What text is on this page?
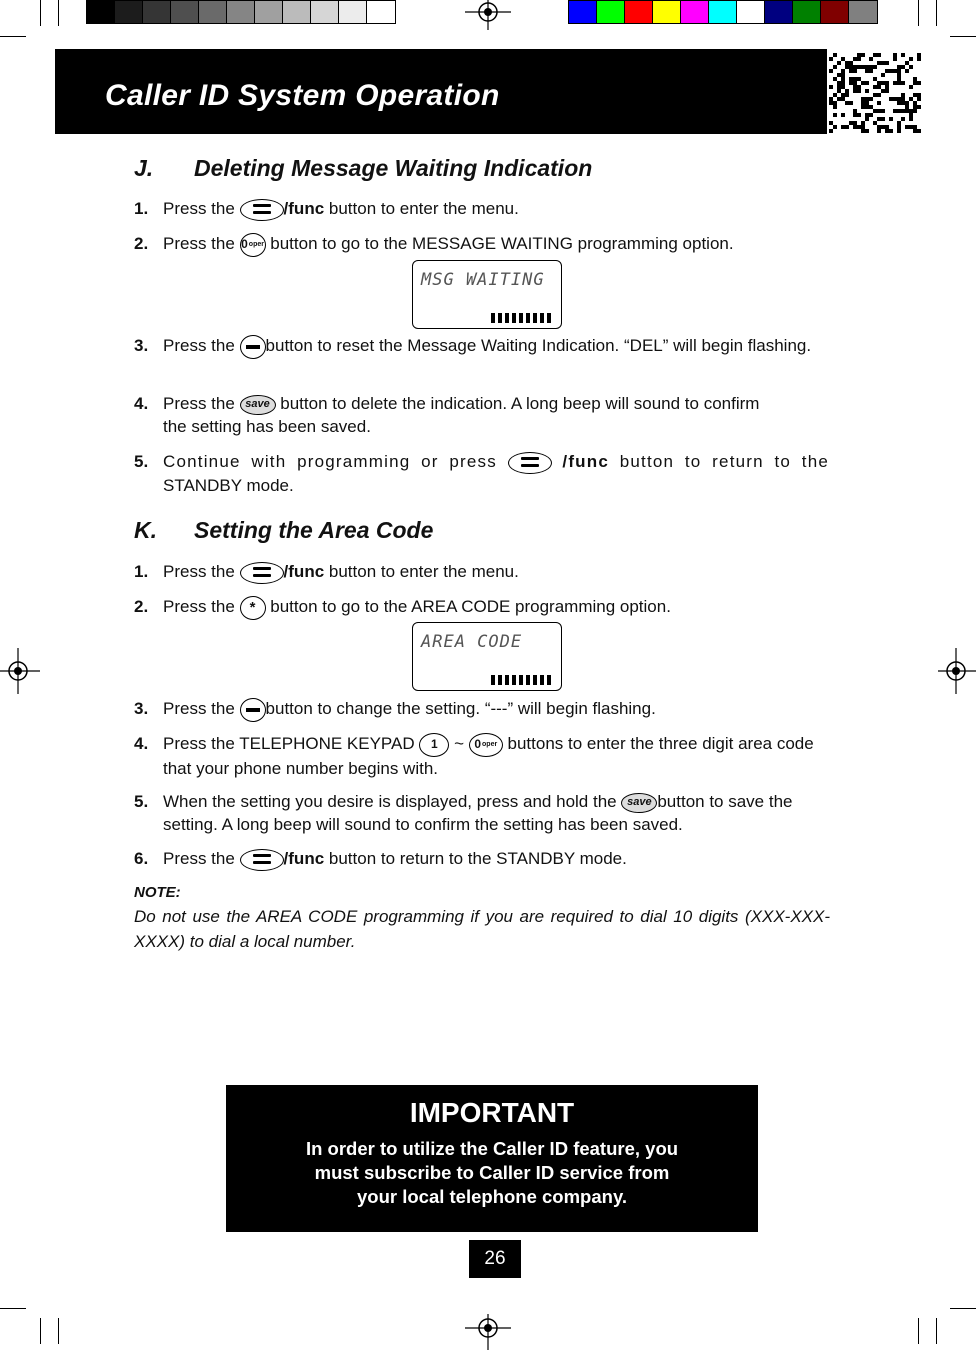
Caller ID System Operation
J. Deleting Message Waiting Indication
1. Press the	/func button to enter the menu.
2. Press the 0 oper button to go to the MESSAGE WAITING programming option.
MSG WAITING
3. Press the button to reset the Message Waiting Indication. “DEL” will begin flashing.
4. Press the save button to delete the indication. A long beep will sound to confirm the setting has been saved.
5. Continue with programming or press	/func button to return to the
STANDBY mode.
K. Setting the Area Code
1. Press the	/func button to enter the menu.
2. Press the * button to go to the AREA CODE programming option.
AREA CODE
3. Press the button to change the setting. “---” will begin flashing.
4. Press the TELEPHONE KEYPAD 1 ~ 0 oper buttons to enter the three digit area code that your phone number begins with.
5. When the setting you desire is displayed, press and hold the save button to save the setting. A long beep will sound to confirm the setting has been saved.
6. Press the	/func button to return to the STANDBY mode.
NOTE:
Do not use the AREA CODE programming if you are required to dial 10 digits (XXX-XXX-XXXX) to dial a local number.
IMPORTANT
In order to utilize the Caller ID feature, you
must subscribe to Caller ID service from
your local telephone company.
26
